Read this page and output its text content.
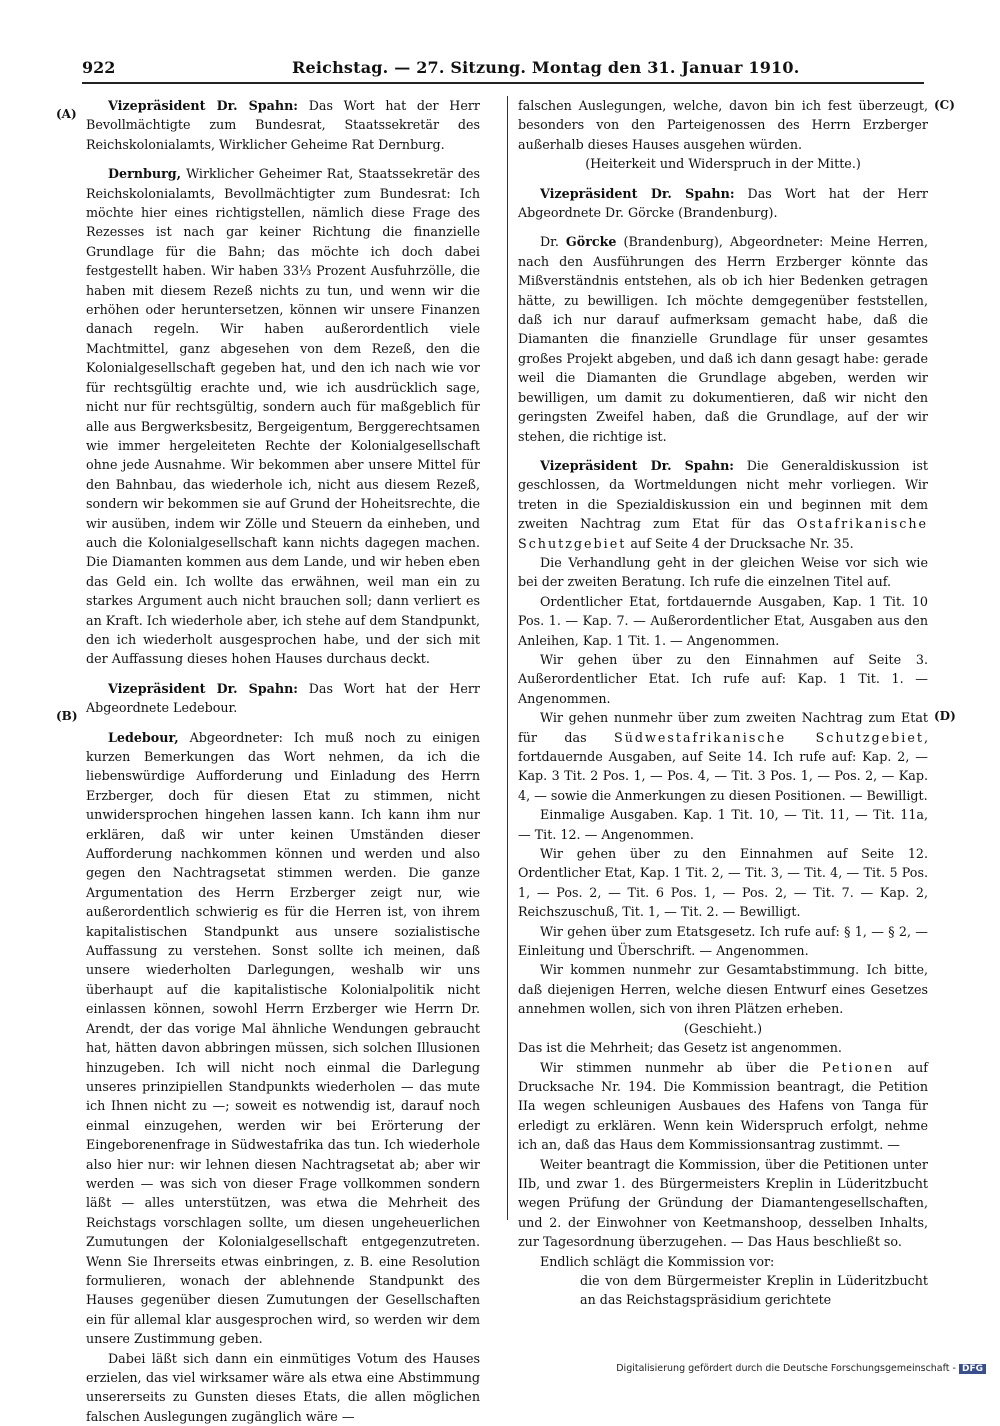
922	Reichstag. — 27. Sitzung. Montag den 31. Januar 1910.
(A)
(B)
(C)
(D)

Vizepräsident Dr. Spahn: Das Wort hat der Herr Bevollmächtigte zum Bundesrat, Staatssekretär des Reichskolonialamts, Wirklicher Geheime Rat Dernburg.

Dernburg, Wirklicher Geheimer Rat, Staatssekretär des Reichskolonialamts, Bevollmächtigter zum Bundesrat: Ich möchte hier eines richtigstellen, nämlich diese Frage des Rezesses ist nach gar keiner Richtung die finanzielle Grundlage für die Bahn; das möchte ich doch dabei festgestellt haben. Wir haben 33⅓ Prozent Ausfuhrzölle, die haben mit diesem Rezeß nichts zu tun, und wenn wir die erhöhen oder heruntersetzen, können wir unsere Finanzen danach regeln. Wir haben außerordentlich viele Machtmittel, ganz abgesehen von dem Rezeß, den die Kolonialgesellschaft gegeben hat, und den ich nach wie vor für rechtsgültig erachte und, wie ich ausdrücklich sage, nicht nur für rechtsgültig, sondern auch für maßgeblich für alle aus Bergwerksbesitz, Bergeigentum, Berggerechtsamen wie immer hergeleiteten Rechte der Kolonialgesellschaft ohne jede Ausnahme. Wir bekommen aber unsere Mittel für den Bahnbau, das wiederhole ich, nicht aus diesem Rezeß, sondern wir bekommen sie auf Grund der Hoheitsrechte, die wir ausüben, indem wir Zölle und Steuern da einheben, und auch die Kolonialgesellschaft kann nichts dagegen machen. Die Diamanten kommen aus dem Lande, und wir heben eben das Geld ein. Ich wollte das erwähnen, weil man ein zu starkes Argument auch nicht brauchen soll; dann verliert es an Kraft. Ich wiederhole aber, ich stehe auf dem Standpunkt, den ich wiederholt ausgesprochen habe, und der sich mit der Auffassung dieses hohen Hauses durchaus deckt.

Vizepräsident Dr. Spahn: Das Wort hat der Herr Abgeordnete Ledebour.

Ledebour, Abgeordneter: Ich muß noch zu einigen kurzen Bemerkungen das Wort nehmen, da ich die liebenswürdige Aufforderung und Einladung des Herrn Erzberger, doch für diesen Etat zu stimmen, nicht unwidersprochen hingehen lassen kann. Ich kann ihm nur erklären, daß wir unter keinen Umständen dieser Aufforderung nachkommen können und werden und also gegen den Nachtragsetat stimmen werden. Die ganze Argumentation des Herrn Erzberger zeigt nur, wie außerordentlich schwierig es für die Herren ist, von ihrem kapitalistischen Standpunkt aus unsere sozialistische Auffassung zu verstehen. Sonst sollte ich meinen, daß unsere wiederholten Darlegungen, weshalb wir uns überhaupt auf die kapitalistische Kolonialpolitik nicht einlassen können, sowohl Herrn Erzberger wie Herrn Dr. Arendt, der das vorige Mal ähnliche Wendungen gebraucht hat, hätten davon abbringen müssen, sich solchen Illusionen hinzugeben. Ich will nicht noch einmal die Darlegung unseres prinzipiellen Standpunkts wiederholen — das mute ich Ihnen nicht zu —; soweit es notwendig ist, darauf noch einmal einzugehen, werden wir bei Erörterung der Eingeborenenfrage in Südwestafrika das tun. Ich wiederhole also hier nur: wir lehnen diesen Nachtragsetat ab; aber wir werden — was sich von dieser Frage vollkommen sondern läßt — alles unterstützen, was etwa die Mehrheit des Reichstags vorschlagen sollte, um diesen ungeheuerlichen Zumutungen der Kolonialgesellschaft entgegenzutreten. Wenn Sie Ihrerseits etwas einbringen, z. B. eine Resolution formulieren, wonach der ablehnende Standpunkt des Hauses gegenüber diesen Zumutungen der Gesellschaften ein für allemal klar ausgesprochen wird, so werden wir dem unsere Zustimmung geben.

Dabei läßt sich dann ein einmütiges Votum des Hauses erzielen, das viel wirksamer wäre als etwa eine Abstimmung unsererseits zu Gunsten dieses Etats, die allen möglichen falschen Auslegungen zugänglich wäre —

falschen Auslegungen, welche, davon bin ich fest überzeugt, besonders von den Parteigenossen des Herrn Erzberger außerhalb dieses Hauses ausgehen würden.

(Heiterkeit und Widerspruch in der Mitte.)

Vizepräsident Dr. Spahn: Das Wort hat der Herr Abgeordnete Dr. Görcke (Brandenburg).

Dr. Görcke (Brandenburg), Abgeordneter: Meine Herren, nach den Ausführungen des Herrn Erzberger könnte das Mißverständnis entstehen, als ob ich hier Bedenken getragen hätte, zu bewilligen. Ich möchte demgegenüber feststellen, daß ich nur darauf aufmerksam gemacht habe, daß die Diamanten die finanzielle Grundlage für unser gesamtes großes Projekt abgeben, und daß ich dann gesagt habe: gerade weil die Diamanten die Grundlage abgeben, werden wir bewilligen, um damit zu dokumentieren, daß wir nicht den geringsten Zweifel haben, daß die Grundlage, auf der wir stehen, die richtige ist.

Vizepräsident Dr. Spahn: Die Generaldiskussion ist geschlossen, da Wortmeldungen nicht mehr vorliegen. Wir treten in die Spezialdiskussion ein und beginnen mit dem zweiten Nachtrag zum Etat für das Ostafrikanische Schutzgebiet auf Seite 4 der Drucksache Nr. 35.

Die Verhandlung geht in der gleichen Weise vor sich wie bei der zweiten Beratung. Ich rufe die einzelnen Titel auf.

Ordentlicher Etat, fortdauernde Ausgaben, Kap. 1 Tit. 10 Pos. 1. — Kap. 7. — Außerordentlicher Etat, Ausgaben aus den Anleihen, Kap. 1 Tit. 1. — Angenommen.

Wir gehen über zu den Einnahmen auf Seite 3. Außerordentlicher Etat. Ich rufe auf: Kap. 1 Tit. 1. — Angenommen.

Wir gehen nunmehr über zum zweiten Nachtrag zum Etat für das Südwestafrikanische Schutzgebiet, fortdauernde Ausgaben, auf Seite 14. Ich rufe auf: Kap. 2, — Kap. 3 Tit. 2 Pos. 1, — Pos. 4, — Tit. 3 Pos. 1, — Pos. 2, — Kap. 4, — sowie die Anmerkungen zu diesen Positionen. — Bewilligt.

Einmalige Ausgaben. Kap. 1 Tit. 10, — Tit. 11, — Tit. 11a, — Tit. 12. — Angenommen.

Wir gehen über zu den Einnahmen auf Seite 12. Ordentlicher Etat, Kap. 1 Tit. 2, — Tit. 3, — Tit. 4, — Tit. 5 Pos. 1, — Pos. 2, — Tit. 6 Pos. 1, — Pos. 2, — Tit. 7. — Kap. 2, Reichszuschuß, Tit. 1, — Tit. 2. — Bewilligt.

Wir gehen über zum Etatsgesetz. Ich rufe auf: § 1, — § 2, — Einleitung und Überschrift. — Angenommen.

Wir kommen nunmehr zur Gesamtabstimmung. Ich bitte, daß diejenigen Herren, welche diesen Entwurf eines Gesetzes annehmen wollen, sich von ihren Plätzen erheben.

(Geschieht.)

Das ist die Mehrheit; das Gesetz ist angenommen.

Wir stimmen nunmehr ab über die Petionen auf Drucksache Nr. 194. Die Kommission beantragt, die Petition IIa wegen schleunigen Ausbaues des Hafens von Tanga für erledigt zu erklären. Wenn kein Widerspruch erfolgt, nehme ich an, daß das Haus dem Kommissionsantrag zustimmt. —

Weiter beantragt die Kommission, über die Petitionen unter IIb, und zwar 1. des Bürgermeisters Kreplin in Lüderitzbucht wegen Prüfung der Gründung der Diamantengesellschaften, und 2. der Einwohner von Keetmanshoop, desselben Inhalts, zur Tagesordnung überzugehen. — Das Haus beschließt so.

Endlich schlägt die Kommission vor:

die von dem Bürgermeister Kreplin in Lüderitzbucht an das Reichstagspräsidium gerichtete

Digitalisierung gefördert durch die Deutsche Forschungsgemeinschaft - DFG
